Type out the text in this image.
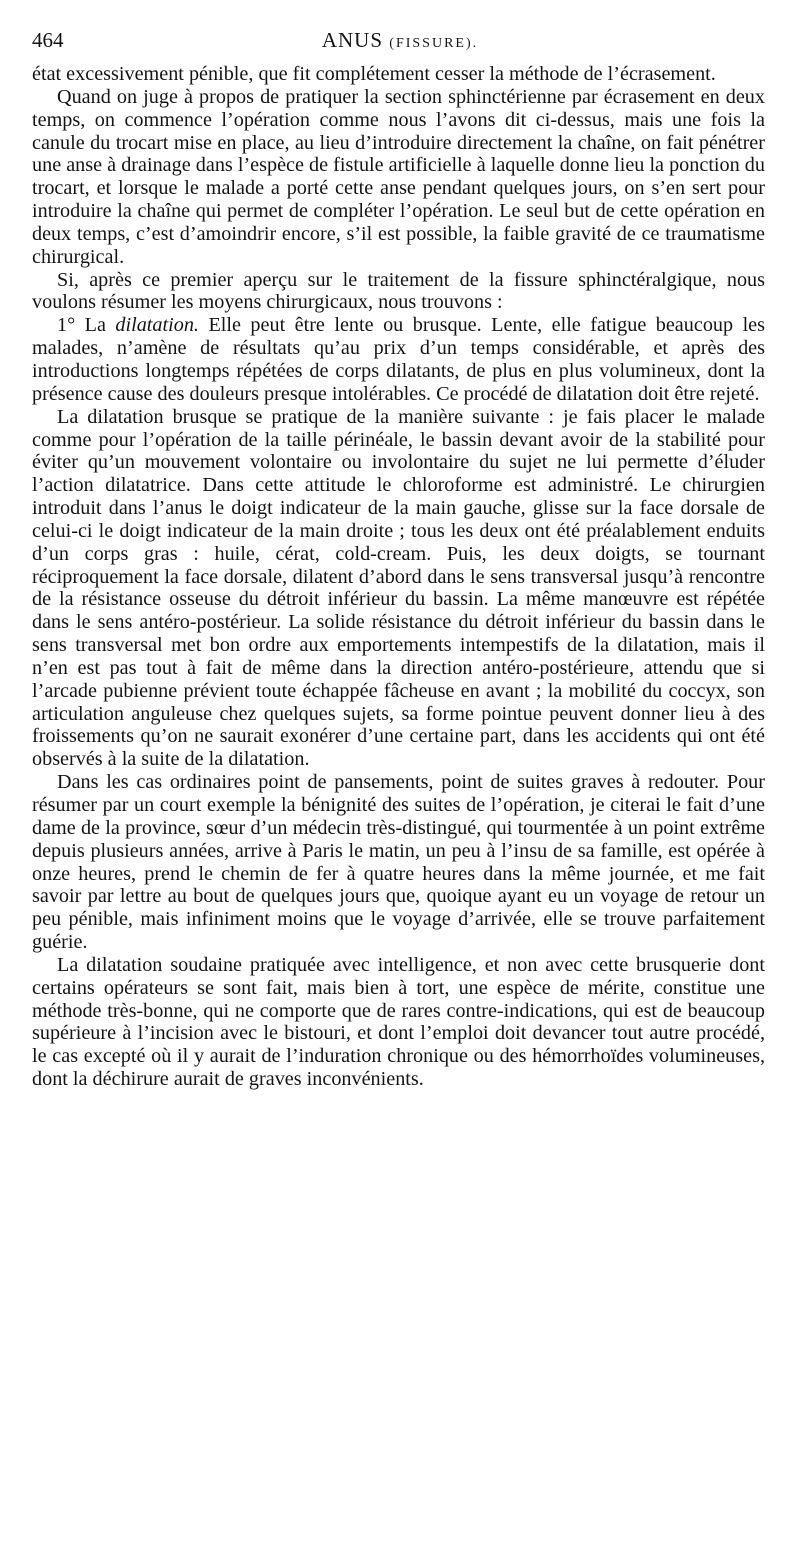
464	ANUS (FISSURE).

état excessivement pénible, que fit complétement cesser la méthode de l’écrasement.

Quand on juge à propos de pratiquer la section sphinctérienne par écrasement en deux temps, on commence l’opération comme nous l’avons dit ci-dessus, mais une fois la canule du trocart mise en place, au lieu d’introduire directement la chaîne, on fait pénétrer une anse à drainage dans l’espèce de fistule artificielle à laquelle donne lieu la ponction du trocart, et lorsque le malade a porté cette anse pendant quelques jours, on s’en sert pour introduire la chaîne qui permet de compléter l’opération. Le seul but de cette opération en deux temps, c’est d’amoindrir encore, s’il est possible, la faible gravité de ce traumatisme chirurgical.

Si, après ce premier aperçu sur le traitement de la fissure sphinctéralgique, nous voulons résumer les moyens chirurgicaux, nous trouvons :

1° La dilatation. Elle peut être lente ou brusque. Lente, elle fatigue beaucoup les malades, n’amène de résultats qu’au prix d’un temps considérable, et après des introductions longtemps répétées de corps dilatants, de plus en plus volumineux, dont la présence cause des douleurs presque intolérables. Ce procédé de dilatation doit être rejeté.

La dilatation brusque se pratique de la manière suivante : je fais placer le malade comme pour l’opération de la taille périnéale, le bassin devant avoir de la stabilité pour éviter qu’un mouvement volontaire ou involontaire du sujet ne lui permette d’éluder l’action dilatatrice. Dans cette attitude le chloroforme est administré. Le chirurgien introduit dans l’anus le doigt indicateur de la main gauche, glisse sur la face dorsale de celui-ci le doigt indicateur de la main droite ; tous les deux ont été préalablement enduits d’un corps gras : huile, cérat, cold-cream. Puis, les deux doigts, se tournant réciproquement la face dorsale, dilatent d’abord dans le sens transversal jusqu’à rencontre de la résistance osseuse du détroit inférieur du bassin. La même manœuvre est répétée dans le sens antéro-postérieur. La solide résistance du détroit inférieur du bassin dans le sens transversal met bon ordre aux emportements intempestifs de la dilatation, mais il n’en est pas tout à fait de même dans la direction antéro-postérieure, attendu que si l’arcade pubienne prévient toute échappée fâcheuse en avant ; la mobilité du coccyx, son articulation anguleuse chez quelques sujets, sa forme pointue peuvent donner lieu à des froissements qu’on ne saurait exonérer d’une certaine part, dans les accidents qui ont été observés à la suite de la dilatation.

Dans les cas ordinaires point de pansements, point de suites graves à redouter. Pour résumer par un court exemple la bénignité des suites de l’opération, je citerai le fait d’une dame de la province, sœur d’un médecin très-distingué, qui tourmentée à un point extrême depuis plusieurs années, arrive à Paris le matin, un peu à l’insu de sa famille, est opérée à onze heures, prend le chemin de fer à quatre heures dans la même journée, et me fait savoir par lettre au bout de quelques jours que, quoique ayant eu un voyage de retour un peu pénible, mais infiniment moins que le voyage d’arrivée, elle se trouve parfaitement guérie.

La dilatation soudaine pratiquée avec intelligence, et non avec cette brusquerie dont certains opérateurs se sont fait, mais bien à tort, une espèce de mérite, constitue une méthode très-bonne, qui ne comporte que de rares contre-indications, qui est de beaucoup supérieure à l’incision avec le bistouri, et dont l’emploi doit devancer tout autre procédé, le cas excepté où il y aurait de l’induration chronique ou des hémorrhoïdes volumineuses, dont la déchirure aurait de graves inconvénients.
